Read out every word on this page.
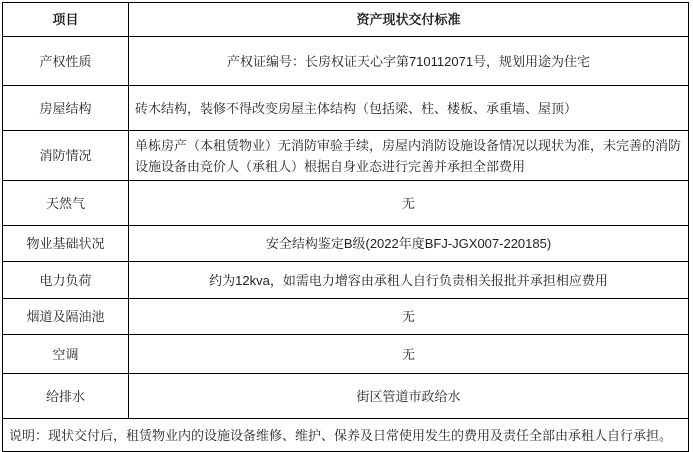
项目	资产现状交付标准
产权性质	产权证编号：长房权证天心字第710112071号，规划用途为住宅
房屋结构	砖木结构，装修不得改变房屋主体结构（包括梁、柱、楼板、承重墙、屋顶）
消防情况	单栋房产（本租赁物业）无消防审验手续，房屋内消防设施设备情况以现状为准，未完善的消防设施设备由竞价人（承租人）根据自身业态进行完善并承担全部费用
天然气	无
物业基础状况	安全结构鉴定B级(2022年度BFJ-JGX007-220185)
电力负荷	约为12kva，如需电力增容由承租人自行负责相关报批并承担相应费用
烟道及隔油池	无
空调	无
给排水	街区管道市政给水
说明：现状交付后，租赁物业内的设施设备维修、维护、保养及日常使用发生的费用及责任全部由承租人自行承担。	
